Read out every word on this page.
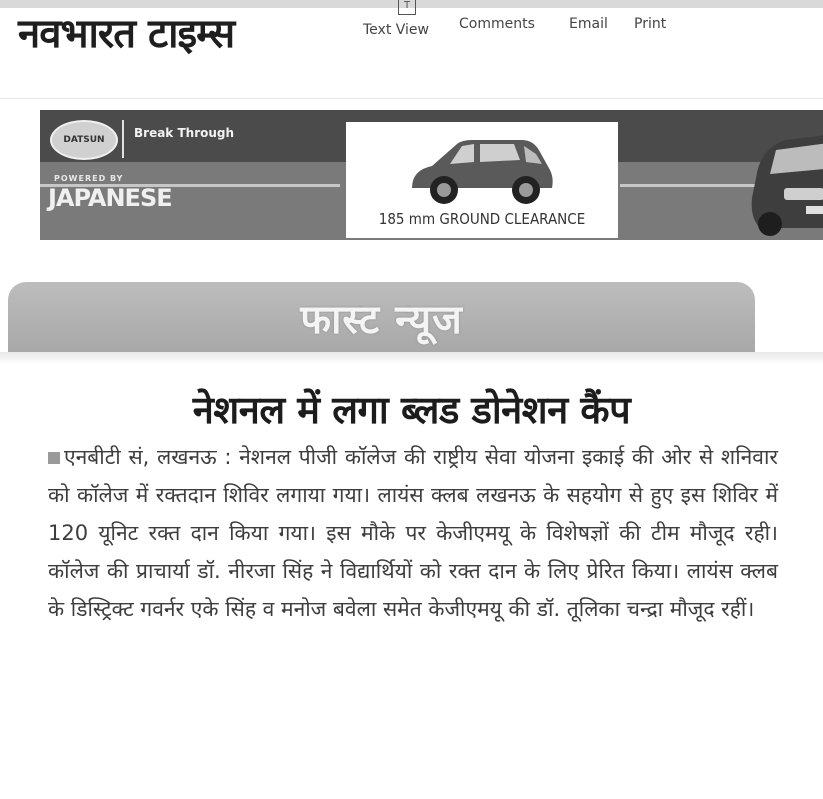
नवभारत टाइम्स
T
Text View Comments Email Print
DATSUN	Break Through
POWERED BY
JAPANESE
185 mm GROUND CLEARANCE
फास्ट न्यूज
नेशनल में लगा ब्लड डोनेशन कैंप
एनबीटी सं, लखनऊ : नेशनल पीजी कॉलेज की राष्ट्रीय सेवा योजना इकाई की ओर से शनिवार को कॉलेज में रक्तदान शिविर लगाया गया। लायंस क्लब लखनऊ के सहयोग से हुए इस शिविर में 120 यूनिट रक्त दान किया गया। इस मौके पर केजीएमयू के विशेषज्ञों की टीम मौजूद रही। कॉलेज की प्राचार्या डॉ. नीरजा सिंह ने विद्यार्थियों को रक्त दान के लिए प्रेरित किया। लायंस क्लब के डिस्ट्रिक्ट गवर्नर एके सिंह व मनोज बवेला समेत केजीएमयू की डॉ. तूलिका चन्द्रा मौजूद रहीं।
